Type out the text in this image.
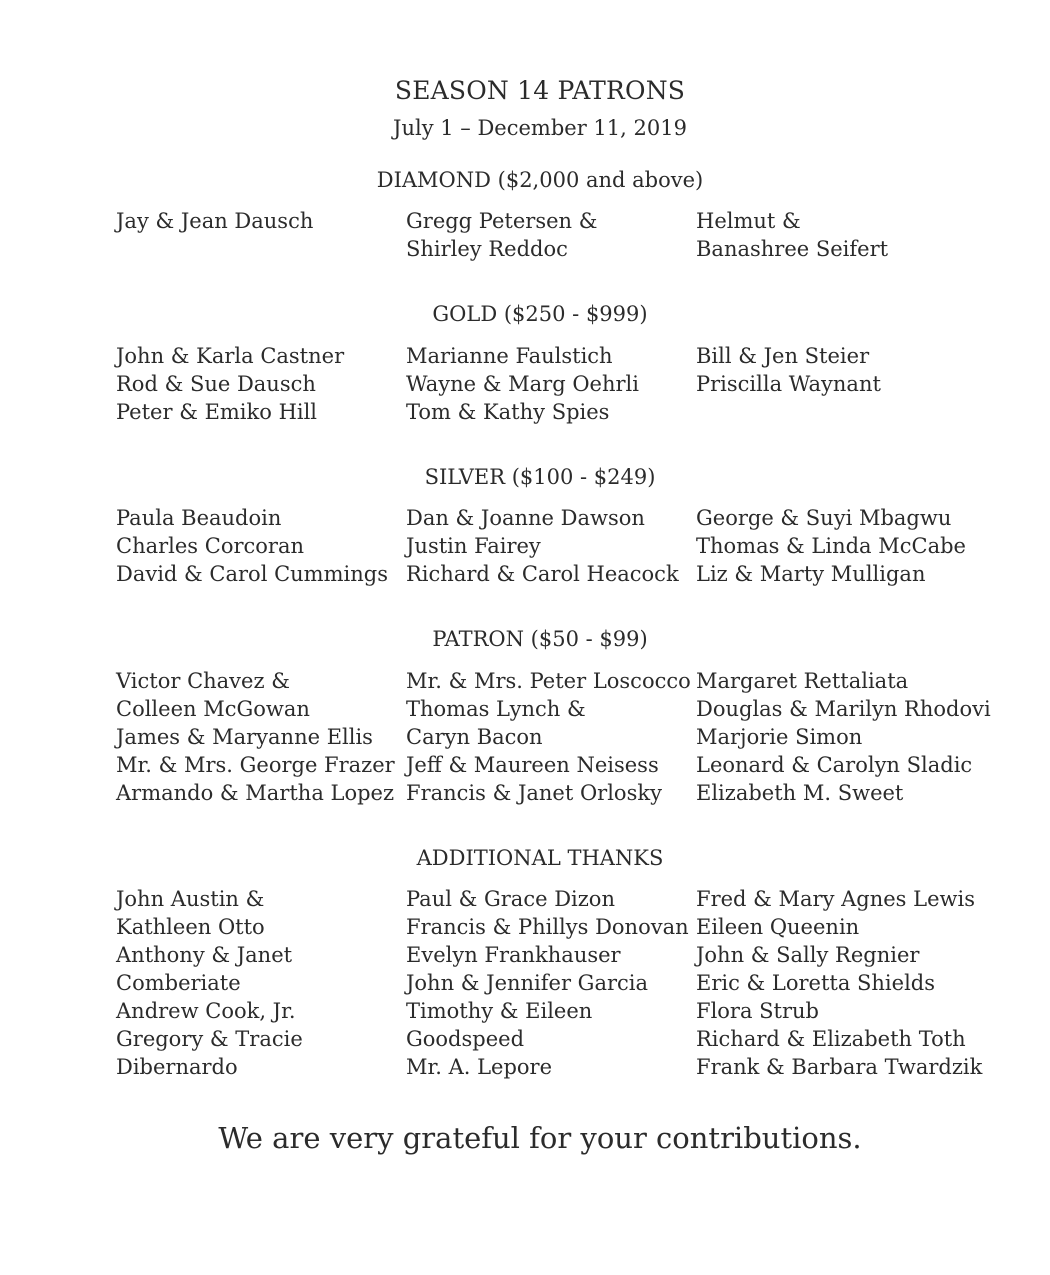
SEASON 14 PATRONS
July 1 – December 11, 2019
DIAMOND ($2,000 and above)
Jay & Jean Dausch	Gregg Petersen &
Shirley Reddoc
Helmut &
Banashree Seifert
GOLD ($250 - $999)
John & Karla Castner
Rod & Sue Dausch
Peter & Emiko Hill
Marianne Faulstich
Wayne & Marg Oehrli
Tom & Kathy Spies
Bill & Jen Steier
Priscilla Waynant
SILVER ($100 - $249)
Paula Beaudoin
Charles Corcoran
David & Carol Cummings
Dan & Joanne Dawson
Justin Fairey
Richard & Carol Heacock
George & Suyi Mbagwu
Thomas & Linda McCabe
Liz & Marty Mulligan
PATRON ($50 - $99)
Victor Chavez &
Colleen McGowan
James & Maryanne Ellis
Mr. & Mrs. George Frazer
Armando & Martha Lopez
Mr. & Mrs. Peter Loscocco
Thomas Lynch &
Caryn Bacon
Jeff & Maureen Neisess
Francis & Janet Orlosky
Margaret Rettaliata
Douglas & Marilyn Rhodovi
Marjorie Simon
Leonard & Carolyn Sladic
Elizabeth M. Sweet
ADDITIONAL THANKS
John Austin &
Kathleen Otto
Anthony & Janet
Comberiate
Andrew Cook, Jr.
Gregory & Tracie
Dibernardo
Paul & Grace Dizon
Francis & Phillys Donovan
Evelyn Frankhauser
John & Jennifer Garcia
Timothy & Eileen
Goodspeed
Mr. A. Lepore
Fred & Mary Agnes Lewis
Eileen Queenin
John & Sally Regnier
Eric & Loretta Shields
Flora Strub
Richard & Elizabeth Toth
Frank & Barbara Twardzik
We are very grateful for your contributions.
